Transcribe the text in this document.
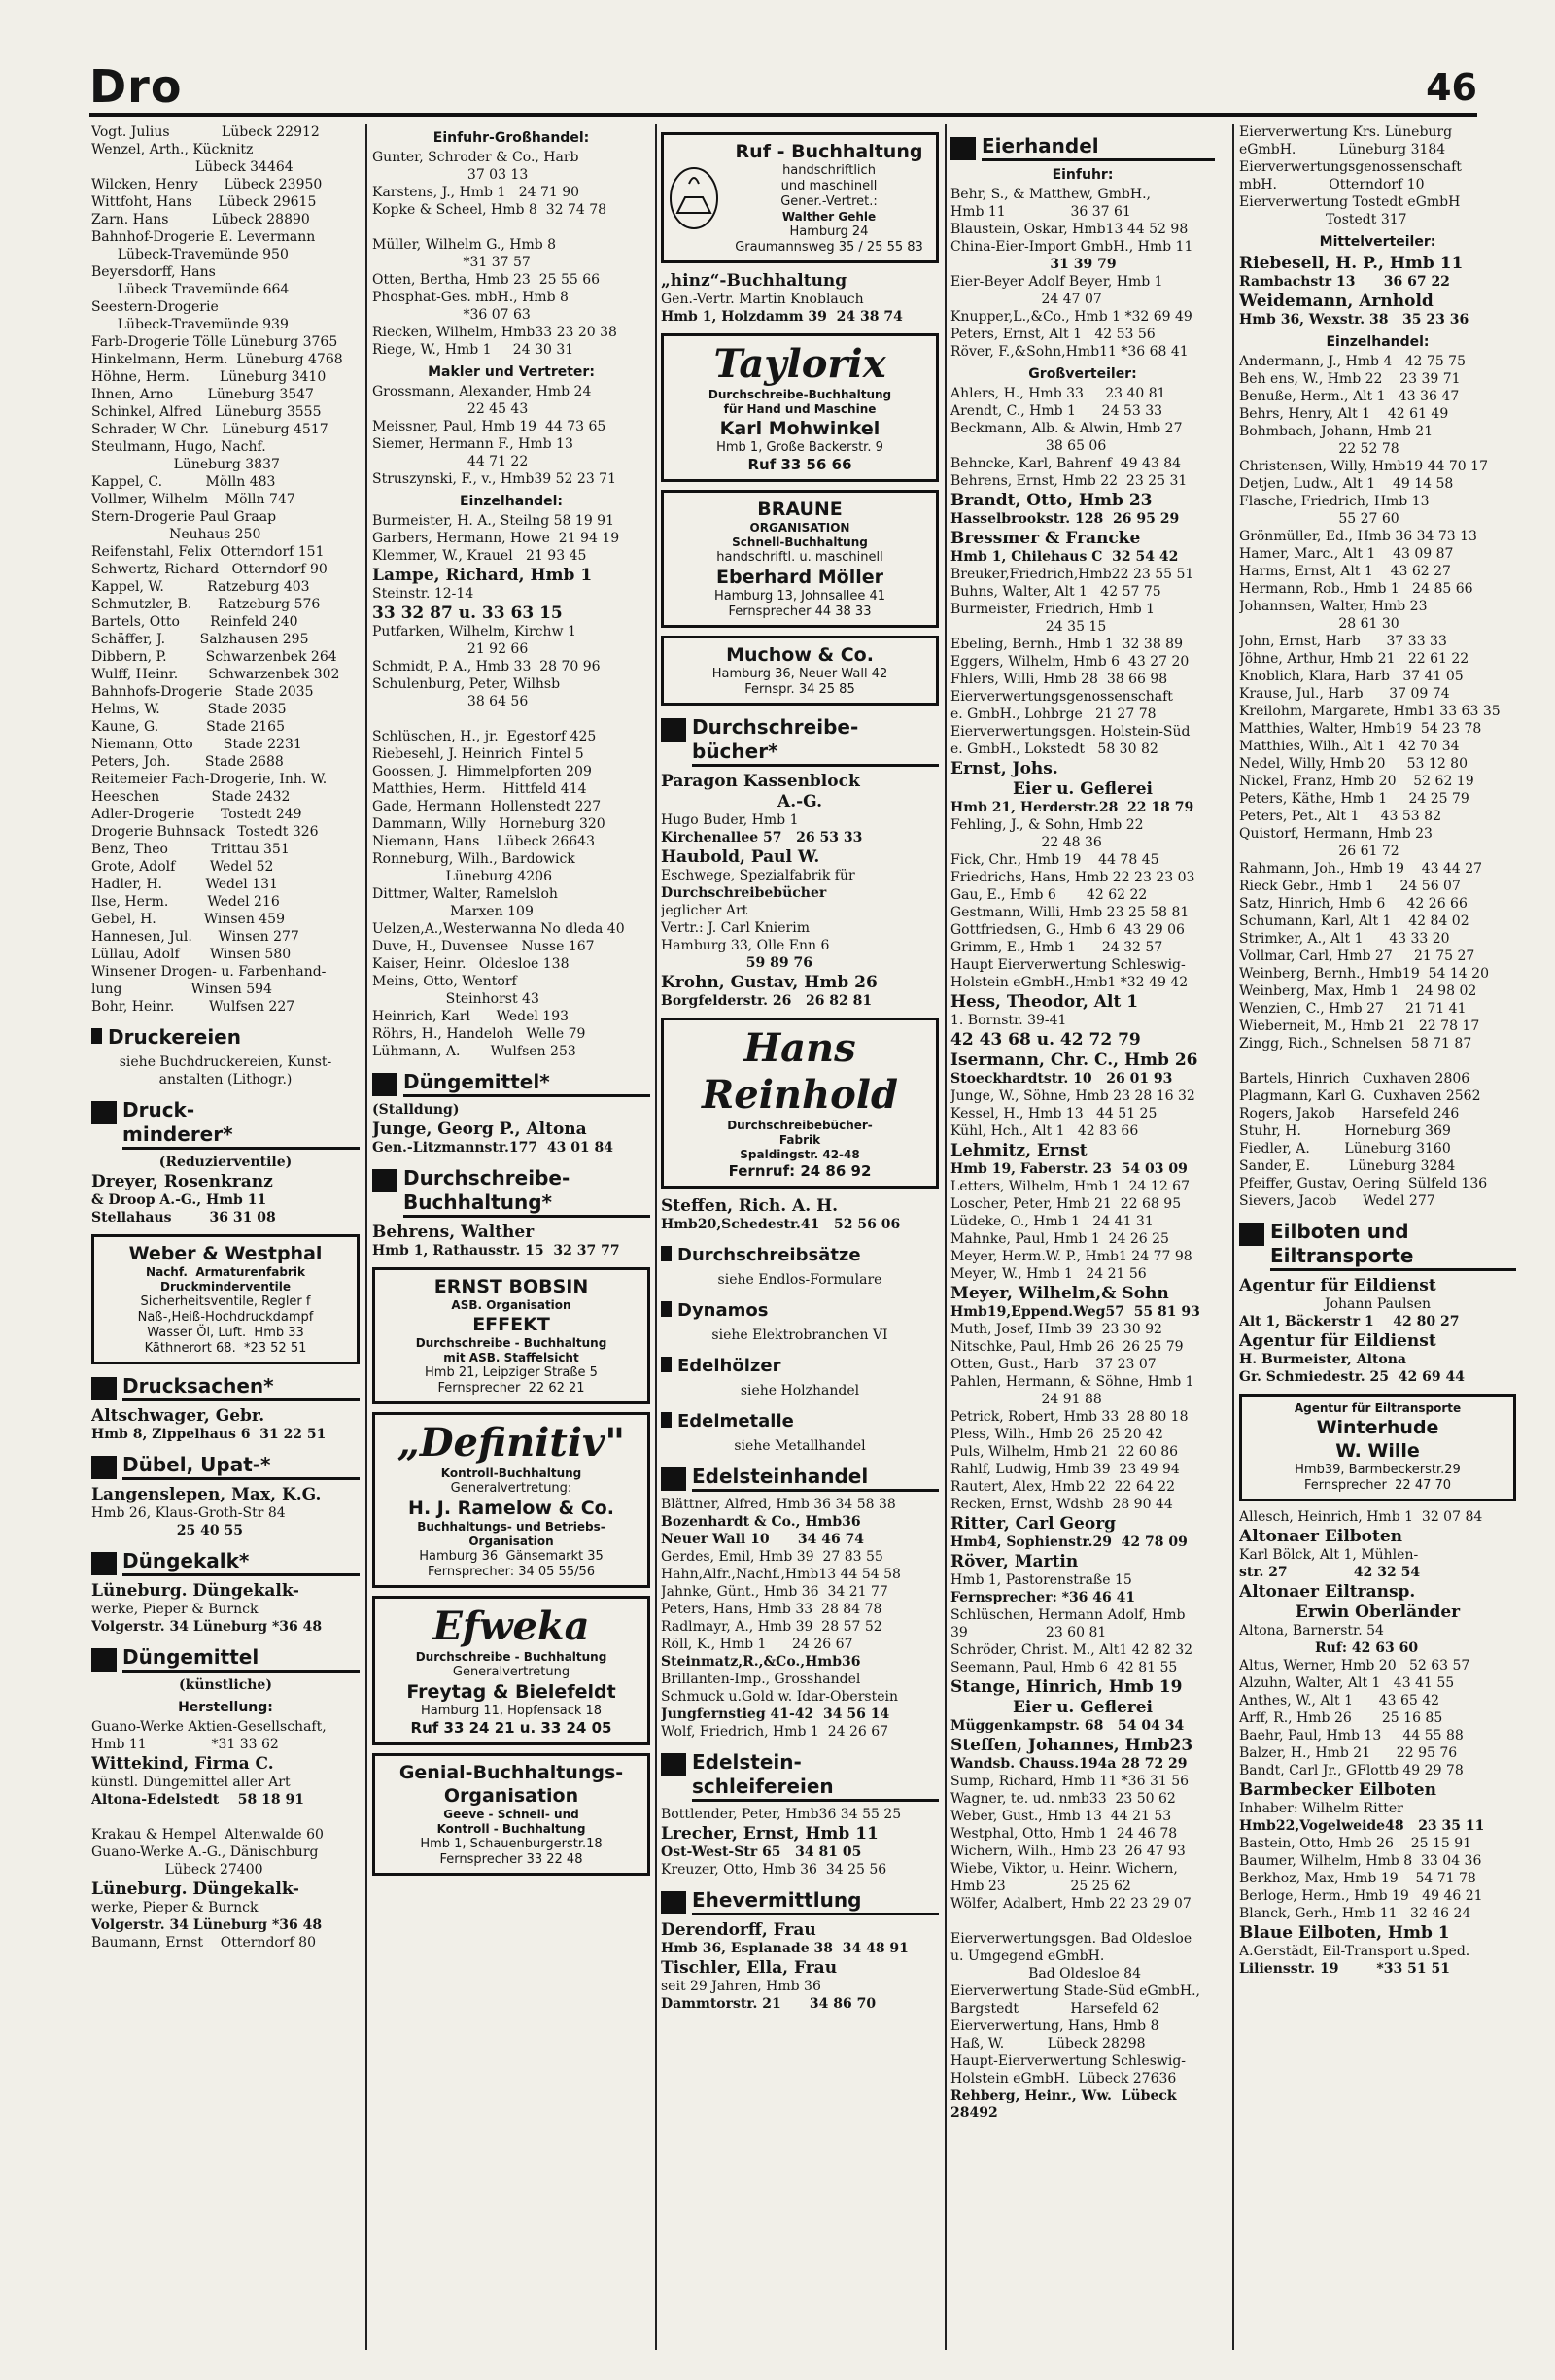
Dro	46
Vogt. Julius            Lübeck 22912
Wenzel, Arth., Kücknitz
Lübeck 34464
Wilcken, Henry      Lübeck 23950
Wittfoht, Hans      Lübeck 29615
Zarn. Hans          Lübeck 28890
Bahnhof-Drogerie E. Levermann
Lübeck-Travemünde 950
Beyersdorff, Hans
Lübeck Travemünde 664
Seestern-Drogerie
Lübeck-Travemünde 939
Farb-Drogerie Tölle Lüneburg 3765
Hinkelmann, Herm.  Lüneburg 4768
Höhne, Herm.       Lüneburg 3410
Ihnen, Arno        Lüneburg 3547
Schinkel, Alfred   Lüneburg 3555
Schrader, W Chr.   Lüneburg 4517
Steulmann, Hugo, Nachf.
Lüneburg 3837
Kappel, C.          Mölln 483
Vollmer, Wilhelm    Mölln 747
Stern-Drogerie Paul Graap
Neuhaus 250
Reifenstahl, Felix  Otterndorf 151
Schwertz, Richard   Otterndorf 90
Kappel, W.          Ratzeburg 403
Schmutzler, B.      Ratzeburg 576
Bartels, Otto       Reinfeld 240
Schäffer, J.        Salzhausen 295
Dibbern, P.         Schwarzenbek 264
Wulff, Heinr.       Schwarzenbek 302
Bahnhofs-Drogerie   Stade 2035
Helms, W.           Stade 2035
Kaune, G.           Stade 2165
Niemann, Otto       Stade 2231
Peters, Joh.        Stade 2688
Reitemeier Fach-Drogerie, Inh. W.
Heeschen            Stade 2432
Adler-Drogerie      Tostedt 249
Drogerie Buhnsack   Tostedt 326
Benz, Theo          Trittau 351
Grote, Adolf        Wedel 52
Hadler, H.          Wedel 131
Ilse, Herm.         Wedel 216
Gebel, H.           Winsen 459
Hannesen, Jul.      Winsen 277
Lüllau, Adolf       Winsen 580
Winsener Drogen- u. Farbenhand-
lung                Winsen 594
Bohr, Heinr.        Wulfsen 227
Druckereien
siehe Buchdruckereien, Kunst-
anstalten (Lithogr.)
Druck-
minderer*
(Reduzierventile)
Dreyer, Rosenkranz
& Droop A.-G., Hmb 11
Stellahaus        36 31 08
Weber & Westphal
Nachf.  Armaturenfabrik
Druckminderventile
Sicherheitsventile, Regler f
Naß-,Heiß-Hochdruckdampf
Wasser Öl, Luft.  Hmb 33
Käthnerort 68.  *23 52 51
Drucksachen*
Altschwager, Gebr.
Hmb 8, Zippelhaus 6  31 22 51
Dübel, Upat-*
Langenslepen, Max, K.G.
Hmb 26, Klaus-Groth-Str 84
25 40 55
Düngekalk*
Lüneburg. Düngekalk-
werke, Pieper & Burnck
Volgerstr. 34 Lüneburg *36 48
Düngemittel
(künstliche)
Herstellung:
Guano-Werke Aktien-Gesellschaft,
Hmb 11               *31 33 62
Wittekind, Firma C.
künstl. Düngemittel aller Art
Altona-Edelstedt    58 18 91

Krakau & Hempel  Altenwalde 60
Guano-Werke A.-G., Dänischburg
Lübeck 27400
Lüneburg. Düngekalk-
werke, Pieper & Burnck
Volgerstr. 34 Lüneburg *36 48
Baumann, Ernst    Otterndorf 80
Einfuhr-Großhandel:
Gunter, Schroder & Co., Harb
37 03 13
Karstens, J., Hmb 1   24 71 90
Kopke & Scheel, Hmb 8  32 74 78

Müller, Wilhelm G., Hmb 8
*31 37 57
Otten, Bertha, Hmb 23  25 55 66
Phosphat-Ges. mbH., Hmb 8
*36 07 63
Riecken, Wilhelm, Hmb33 23 20 38
Riege, W., Hmb 1     24 30 31
Makler und Vertreter:
Grossmann, Alexander, Hmb 24
22 45 43
Meissner, Paul, Hmb 19  44 73 65
Siemer, Hermann F., Hmb 13
44 71 22
Struszynski, F., v., Hmb39 52 23 71
Einzelhandel:
Burmeister, H. A., Steilng 58 19 91
Garbers, Hermann, Howe  21 94 19
Klemmer, W., Krauel   21 93 45
Lampe, Richard, Hmb 1
Steinstr. 12-14
33 32 87 u. 33 63 15
Putfarken, Wilhelm, Kirchw 1
21 92 66
Schmidt, P. A., Hmb 33  28 70 96
Schulenburg, Peter, Wilhsb
38 64 56

Schlüschen, H., jr.  Egestorf 425
Riebesehl, J. Heinrich  Fintel 5
Goossen, J.  Himmelpforten 209
Matthies, Herm.    Hittfeld 414
Gade, Hermann  Hollenstedt 227
Dammann, Willy   Horneburg 320
Niemann, Hans    Lübeck 26643
Ronneburg, Wilh., Bardowick
Lüneburg 4206
Dittmer, Walter, Ramelsloh
Marxen 109
Uelzen,A.,Westerwanna No dleda 40
Duve, H., Duvensee   Nusse 167
Kaiser, Heinr.   Oldesloe 138
Meins, Otto, Wentorf
Steinhorst 43
Heinrich, Karl      Wedel 193
Röhrs, H., Handeloh   Welle 79
Lühmann, A.       Wulfsen 253
Düngemittel*
(Stalldung)
Junge, Georg P., Altona
Gen.-Litzmannstr.177  43 01 84
Durchschreibe-
Buchhaltung*
Behrens, Walther
Hmb 1, Rathausstr. 15  32 37 77
ERNST BOBSIN
ASB. Organisation
EFFEKT
Durchschreibe - Buchhaltung
mit ASB. Staffelsicht
Hmb 21, Leipziger Straße 5
Fernsprecher  22 62 21
„Definitiv"
Kontroll-Buchhaltung
Generalvertretung:
H. J. Ramelow & Co.
Buchhaltungs- und Betriebs-
Organisation
Hamburg 36  Gänsemarkt 35
Fernsprecher: 34 05 55/56
Efweka
Durchschreibe - Buchhaltung
Generalvertretung
Freytag & Bielefeldt
Hamburg 11, Hopfensack 18
Ruf 33 24 21 u. 33 24 05
Genial-Buchhaltungs-
Organisation
Geeve - Schnell- und
Kontroll - Buchhaltung
Hmb 1, Schauenburgerstr.18
Fernsprecher 33 22 48
Ruf - Buchhaltung
handschriftlich
und maschinell
Gener.-Vertret.:
Walther Gehle
Hamburg 24
Graumannsweg 35 / 25 55 83
„hinz“-Buchhaltung
Gen.-Vertr. Martin Knoblauch
Hmb 1, Holzdamm 39  24 38 74
Taylorix
Durchschreibe-Buchhaltung
für Hand und Maschine
Karl Mohwinkel
Hmb 1, Große Backerstr. 9
Ruf 33 56 66
BRAUNE
ORGANISATION
Schnell-Buchhaltung
handschriftl. u. maschinell
Eberhard Möller
Hamburg 13, Johnsallee 41
Fernsprecher 44 38 33
Muchow & Co.
Hamburg 36, Neuer Wall 42
Fernspr. 34 25 85
Durchschreibe-
bücher*
Paragon Kassenblock
A.-G.
Hugo Buder, Hmb 1
Kirchenallee 57   26 53 33
Haubold, Paul W.
Eschwege, Spezialfabrik für
Durchschreibebücher
jeglicher Art
Vertr.: J. Carl Knierim
Hamburg 33, Olle Enn 6
59 89 76
Krohn, Gustav, Hmb 26
Borgfelderstr. 26   26 82 81
Hans Reinhold
Durchschreibebücher-
Fabrik
Spaldingstr. 42-48
Fernruf: 24 86 92
Steffen, Rich. A. H.
Hmb20,Schedestr.41   52 56 06
Durchschreibsätze
siehe Endlos-Formulare
Dynamos
siehe Elektrobranchen VI
Edelhölzer
siehe Holzhandel
Edelmetalle
siehe Metallhandel
Edelsteinhandel
Blättner, Alfred, Hmb 36 34 58 38
Bozenhardt & Co., Hmb36
Neuer Wall 10      34 46 74
Gerdes, Emil, Hmb 39  27 83 55
Hahn,Alfr.,Nachf.,Hmb13 44 54 58
Jahnke, Günt., Hmb 36  34 21 77
Peters, Hans, Hmb 33  28 84 78
Radlmayr, A., Hmb 39  28 57 52
Röll, K., Hmb 1      24 26 67
Steinmatz,R.,&Co.,Hmb36
Brillanten-Imp., Grosshandel
Schmuck u.Gold w. Idar-Oberstein
Jungfernstieg 41-42  34 56 14
Wolf, Friedrich, Hmb 1  24 26 67
Edelstein-
schleifereien
Bottlender, Peter, Hmb36 34 55 25
Lrecher, Ernst, Hmb 11
Ost-West-Str 65   34 81 05
Kreuzer, Otto, Hmb 36  34 25 56
Ehevermittlung
Derendorff, Frau
Hmb 36, Esplanade 38  34 48 91
Tischler, Ella, Frau
seit 29 Jahren, Hmb 36
Dammtorstr. 21      34 86 70
Eierhandel
Einfuhr:
Behr, S., & Matthew, GmbH.,
Hmb 11               36 37 61
Blaustein, Oskar, Hmb13 44 52 98
China-Eier-Import GmbH., Hmb 11
31 39 79
Eier-Beyer Adolf Beyer, Hmb 1
24 47 07
Knupper,L.,&Co., Hmb 1 *32 69 49
Peters, Ernst, Alt 1   42 53 56
Röver, F.,&Sohn,Hmb11 *36 68 41
Großverteiler:
Ahlers, H., Hmb 33     23 40 81
Arendt, C., Hmb 1      24 53 33
Beckmann, Alb. & Alwin, Hmb 27
38 65 06
Behncke, Karl, Bahrenf  49 43 84
Behrens, Ernst, Hmb 22  23 25 31
Brandt, Otto, Hmb 23
Hasselbrookstr. 128  26 95 29
Bressmer & Francke
Hmb 1, Chilehaus C  32 54 42
Breuker,Friedrich,Hmb22 23 55 51
Buhns, Walter, Alt 1   42 57 75
Burmeister, Friedrich, Hmb 1
24 35 15
Ebeling, Bernh., Hmb 1  32 38 89
Eggers, Wilhelm, Hmb 6  43 27 20
Fhlers, Willi, Hmb 28  38 66 98
Eierverwertungsgenossenschaft
e. GmbH., Lohbrge   21 27 78
Eierverwertungsgen. Holstein-Süd
e. GmbH., Lokstedt   58 30 82
Ernst, Johs.
Eier u. Geflerei
Hmb 21, Herderstr.28  22 18 79
Fehling, J., & Sohn, Hmb 22
22 48 36
Fick, Chr., Hmb 19    44 78 45
Friedrichs, Hans, Hmb 22 23 23 03
Gau, E., Hmb 6       42 62 22
Gestmann, Willi, Hmb 23 25 58 81
Gottfriedsen, G., Hmb 6  43 29 06
Grimm, E., Hmb 1      24 32 57
Haupt Eierverwertung Schleswig-
Holstein eGmbH.,Hmb1 *32 49 42
Hess, Theodor, Alt 1
1. Bornstr. 39-41
42 43 68 u. 42 72 79
Isermann, Chr. C., Hmb 26
Stoeckhardtstr. 10   26 01 93
Junge, W., Söhne, Hmb 23 28 16 32
Kessel, H., Hmb 13   44 51 25
Kühl, Hch., Alt 1   42 83 66
Lehmitz, Ernst
Hmb 19, Faberstr. 23  54 03 09
Letters, Wilhelm, Hmb 1  24 12 67
Loscher, Peter, Hmb 21  22 68 95
Lüdeke, O., Hmb 1   24 41 31
Mahnke, Paul, Hmb 1  24 26 25
Meyer, Herm.W. P., Hmb1 24 77 98
Meyer, W., Hmb 1   24 21 56
Meyer, Wilhelm,& Sohn
Hmb19,Eppend.Weg57  55 81 93
Muth, Josef, Hmb 39  23 30 92
Nitschke, Paul, Hmb 26  26 25 79
Otten, Gust., Harb    37 23 07
Pahlen, Hermann, & Söhne, Hmb 1
24 91 88
Petrick, Robert, Hmb 33  28 80 18
Pless, Wilh., Hmb 26  25 20 42
Puls, Wilhelm, Hmb 21  22 60 86
Rahlf, Ludwig, Hmb 39  23 49 94
Rautert, Alex, Hmb 22  22 64 22
Recken, Ernst, Wdshb  28 90 44
Ritter, Carl Georg
Hmb4, Sophienstr.29  42 78 09
Röver, Martin
Hmb 1, Pastorenstraße 15
Fernsprecher: *36 46 41
Schlüschen, Hermann Adolf, Hmb
39                  23 60 81
Schröder, Christ. M., Alt1 42 82 32
Seemann, Paul, Hmb 6  42 81 55
Stange, Hinrich, Hmb 19
Eier u. Geflerei
Müggenkampstr. 68   54 04 34
Steffen, Johannes, Hmb23
Wandsb. Chauss.194a 28 72 29
Sump, Richard, Hmb 11 *36 31 56
Wagner, te. ud. nmb33  23 50 62
Weber, Gust., Hmb 13  44 21 53
Westphal, Otto, Hmb 1  24 46 78
Wichern, Wilh., Hmb 23  26 47 93
Wiebe, Viktor, u. Heinr. Wichern,
Hmb 23               25 25 62
Wölfer, Adalbert, Hmb 22 23 29 07

Eierverwertungsgen. Bad Oldesloe
u. Umgegend eGmbH.
Bad Oldesloe 84
Eierverwertung Stade-Süd eGmbH.,
Bargstedt            Harsefeld 62
Eierverwertung, Hans, Hmb 8
Haß, W.          Lübeck 28298
Haupt-Eierverwertung Schleswig-
Holstein eGmbH.  Lübeck 27636
Rehberg, Heinr., Ww.  Lübeck 28492
Eierverwertung Krs. Lüneburg
eGmbH.          Lüneburg 3184
Eierverwertungsgenossenschaft
mbH.            Otterndorf 10
Eierverwertung Tostedt eGmbH
Tostedt 317
Mittelverteiler:
Riebesell, H. P., Hmb 11
Rambachstr 13      36 67 22
Weidemann, Arnhold
Hmb 36, Wexstr. 38   35 23 36
Einzelhandel:
Andermann, J., Hmb 4   42 75 75
Beh ens, W., Hmb 22    23 39 71
Benuße, Herm., Alt 1   43 36 47
Behrs, Henry, Alt 1    42 61 49
Bohmbach, Johann, Hmb 21
22 52 78
Christensen, Willy, Hmb19 44 70 17
Detjen, Ludw., Alt 1    49 14 58
Flasche, Friedrich, Hmb 13
55 27 60
Grönmüller, Ed., Hmb 36 34 73 13
Hamer, Marc., Alt 1    43 09 87
Harms, Ernst, Alt 1    43 62 27
Hermann, Rob., Hmb 1   24 85 66
Johannsen, Walter, Hmb 23
28 61 30
John, Ernst, Harb      37 33 33
Jöhne, Arthur, Hmb 21   22 61 22
Knoblich, Klara, Harb   37 41 05
Krause, Jul., Harb      37 09 74
Kreilohm, Margarete, Hmb1 33 63 35
Matthies, Walter, Hmb19  54 23 78
Matthies, Wilh., Alt 1   42 70 34
Nedel, Willy, Hmb 20     53 12 80
Nickel, Franz, Hmb 20    52 62 19
Peters, Käthe, Hmb 1     24 25 79
Peters, Pet., Alt 1     43 53 82
Quistorf, Hermann, Hmb 23
26 61 72
Rahmann, Joh., Hmb 19    43 44 27
Rieck Gebr., Hmb 1      24 56 07
Satz, Hinrich, Hmb 6     42 26 66
Schumann, Karl, Alt 1    42 84 02
Strimker, A., Alt 1      43 33 20
Vollmar, Carl, Hmb 27     21 75 27
Weinberg, Bernh., Hmb19  54 14 20
Weinberg, Max, Hmb 1    24 98 02
Wenzien, C., Hmb 27     21 71 41
Wieberneit, M., Hmb 21   22 78 17
Zingg, Rich., Schnelsen  58 71 87

Bartels, Hinrich   Cuxhaven 2806
Plagmann, Karl G.  Cuxhaven 2562
Rogers, Jakob      Harsefeld 246
Stuhr, H.          Horneburg 369
Fiedler, A.        Lüneburg 3160
Sander, E.         Lüneburg 3284
Pfeiffer, Gustav, Oering  Sülfeld 136
Sievers, Jacob      Wedel 277
Eilboten und
Eiltransporte
Agentur für Eildienst
Johann Paulsen
Alt 1, Bäckerstr 1    42 80 27
Agentur für Eildienst
H. Burmeister, Altona
Gr. Schmiedestr. 25  42 69 44
Agentur für Eiltransporte
Winterhude
W. Wille
Hmb39, Barmbeckerstr.29
Fernsprecher  22 47 70
Allesch, Heinrich, Hmb 1  32 07 84
Altonaer Eilboten
Karl Bölck, Alt 1, Mühlen-
str. 27              42 32 54
Altonaer Eiltransp.
Erwin Oberländer
Altona, Barnerstr. 54
Ruf: 42 63 60
Altus, Werner, Hmb 20   52 63 57
Alzuhn, Walter, Alt 1   43 41 55
Anthes, W., Alt 1      43 65 42
Arff, R., Hmb 26       25 16 85
Baehr, Paul, Hmb 13     44 55 88
Balzer, H., Hmb 21      22 95 76
Bandt, Carl Jr., GFlottb 49 29 78
Barmbecker Eilboten
Inhaber: Wilhelm Ritter
Hmb22,Vogelweide48   23 35 11
Bastein, Otto, Hmb 26    25 15 91
Baumer, Wilhelm, Hmb 8  33 04 36
Berkhoz, Max, Hmb 19    54 71 78
Berloge, Herm., Hmb 19   49 46 21
Blanck, Gerh., Hmb 11   32 46 24
Blaue Eilboten, Hmb 1
A.Gerstädt, Eil-Transport u.Sped.
Liliensstr. 19        *33 51 51
